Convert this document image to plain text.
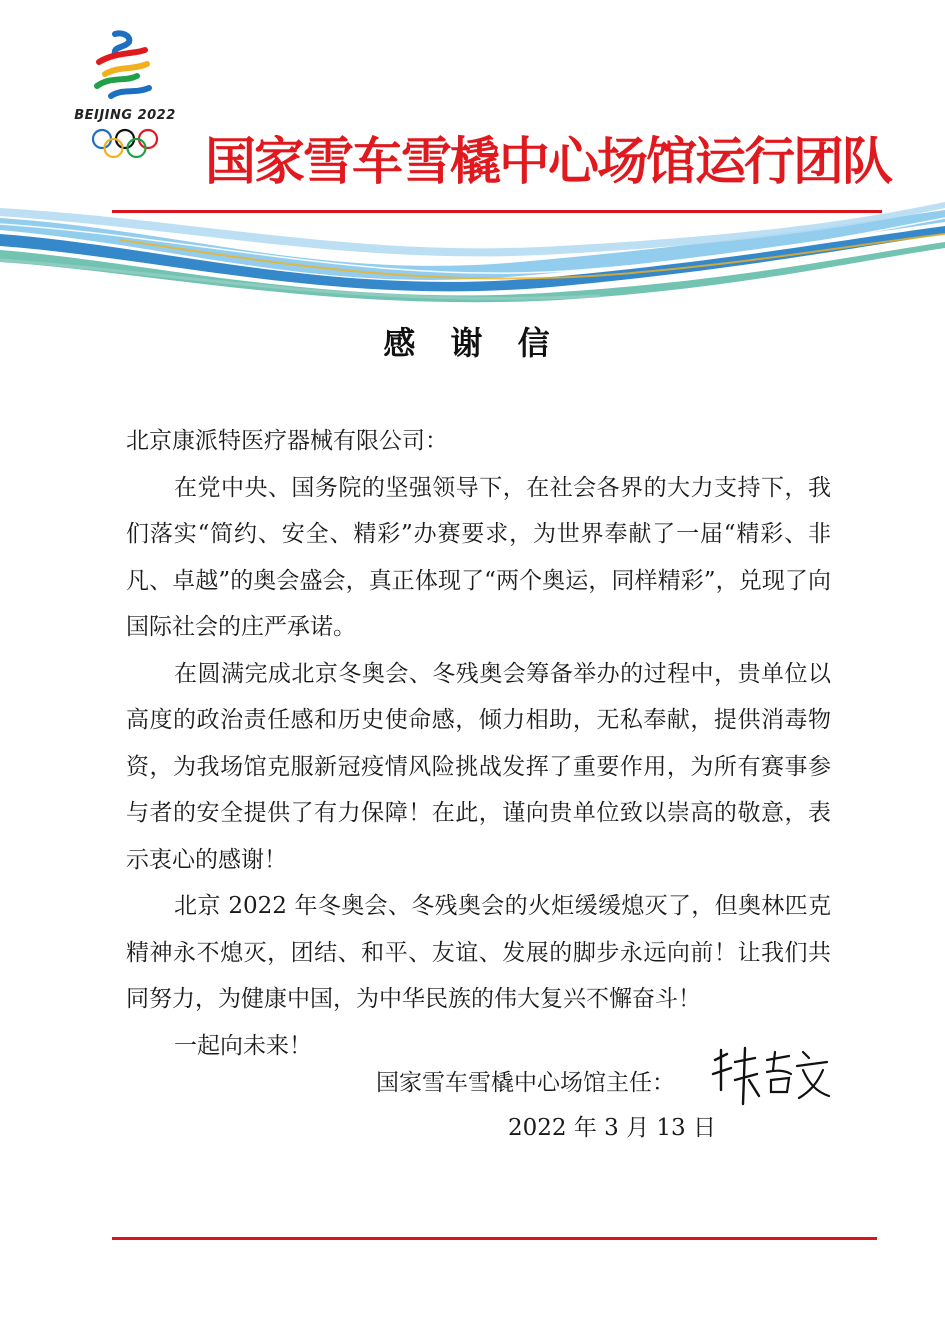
BEIJING 2022
国家雪车雪橇中心场馆运行团队
感 谢 信

北京康派特医疗器械有限公司：

在党中央、国务院的坚强领导下，在社会各界的大力支持下，我们落实“简约、安全、精彩”办赛要求，为世界奉献了一届“精彩、非凡、卓越”的奥会盛会，真正体现了“两个奥运，同样精彩”，兑现了向国际社会的庄严承诺。

在圆满完成北京冬奥会、冬残奥会筹备举办的过程中，贵单位以高度的政治责任感和历史使命感，倾力相助，无私奉献，提供消毒物资，为我场馆克服新冠疫情风险挑战发挥了重要作用，为所有赛事参与者的安全提供了有力保障！在此，谨向贵单位致以崇高的敬意，表示衷心的感谢！

北京 2022 年冬奥会、冬残奥会的火炬缓缓熄灭了，但奥林匹克精神永不熄灭，团结、和平、友谊、发展的脚步永远向前！让我们共同努力，为健康中国，为中华民族的伟大复兴不懈奋斗！

一起向未来！

国家雪车雪橇中心场馆主任：
2022 年 3 月 13 日
